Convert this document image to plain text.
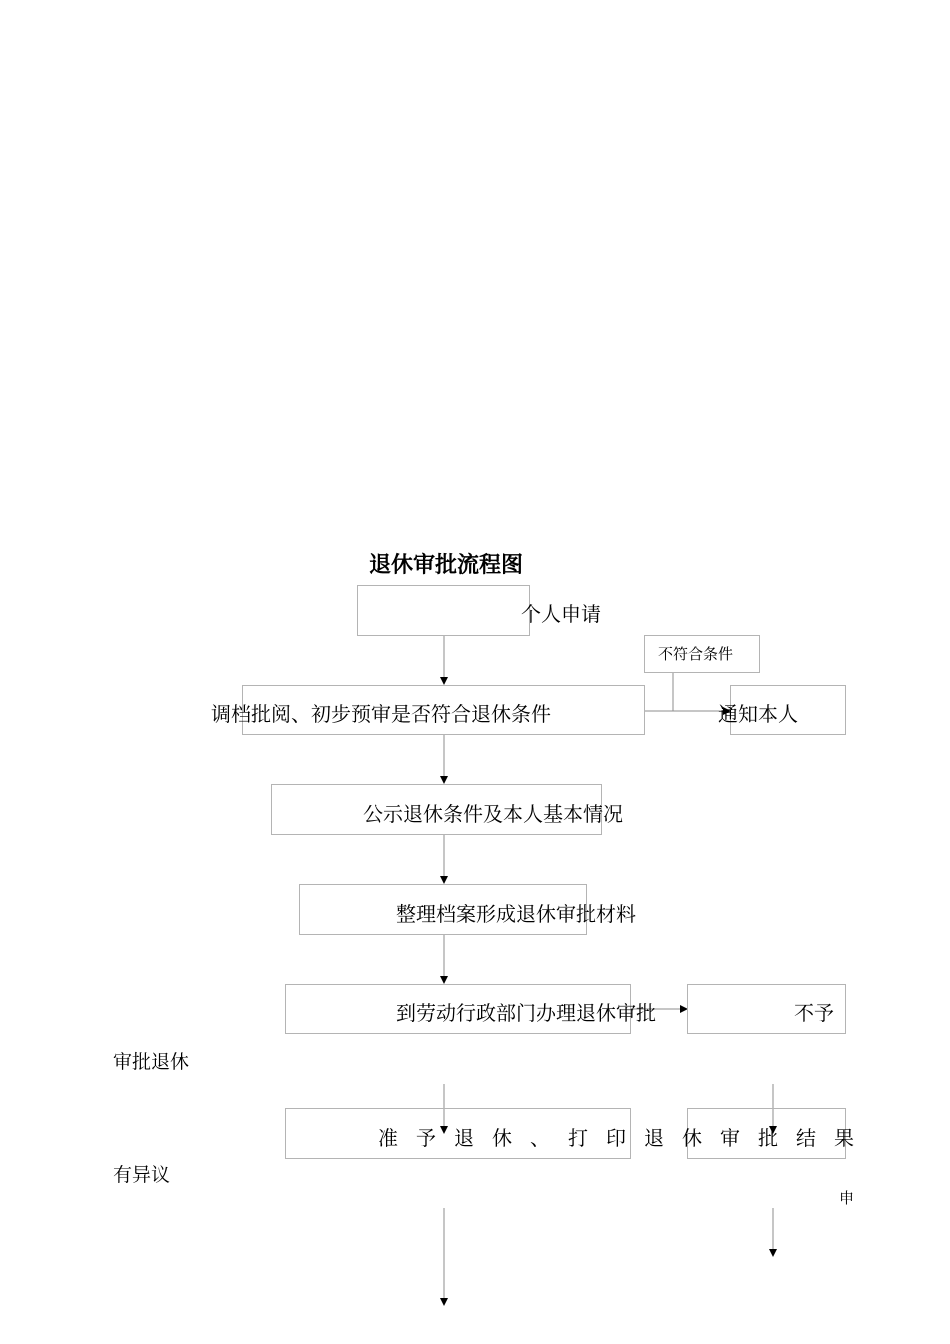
退休审批流程图
个人申请
不符合条件
调档批阅、初步预审是否符合退休条件	通知本人
公示退休条件及本人基本情况
整理档案形成退休审批材料
到劳动行政部门办理退休审批	不予
审批退休
准予退休、打印退休审批结果
有异议
申
